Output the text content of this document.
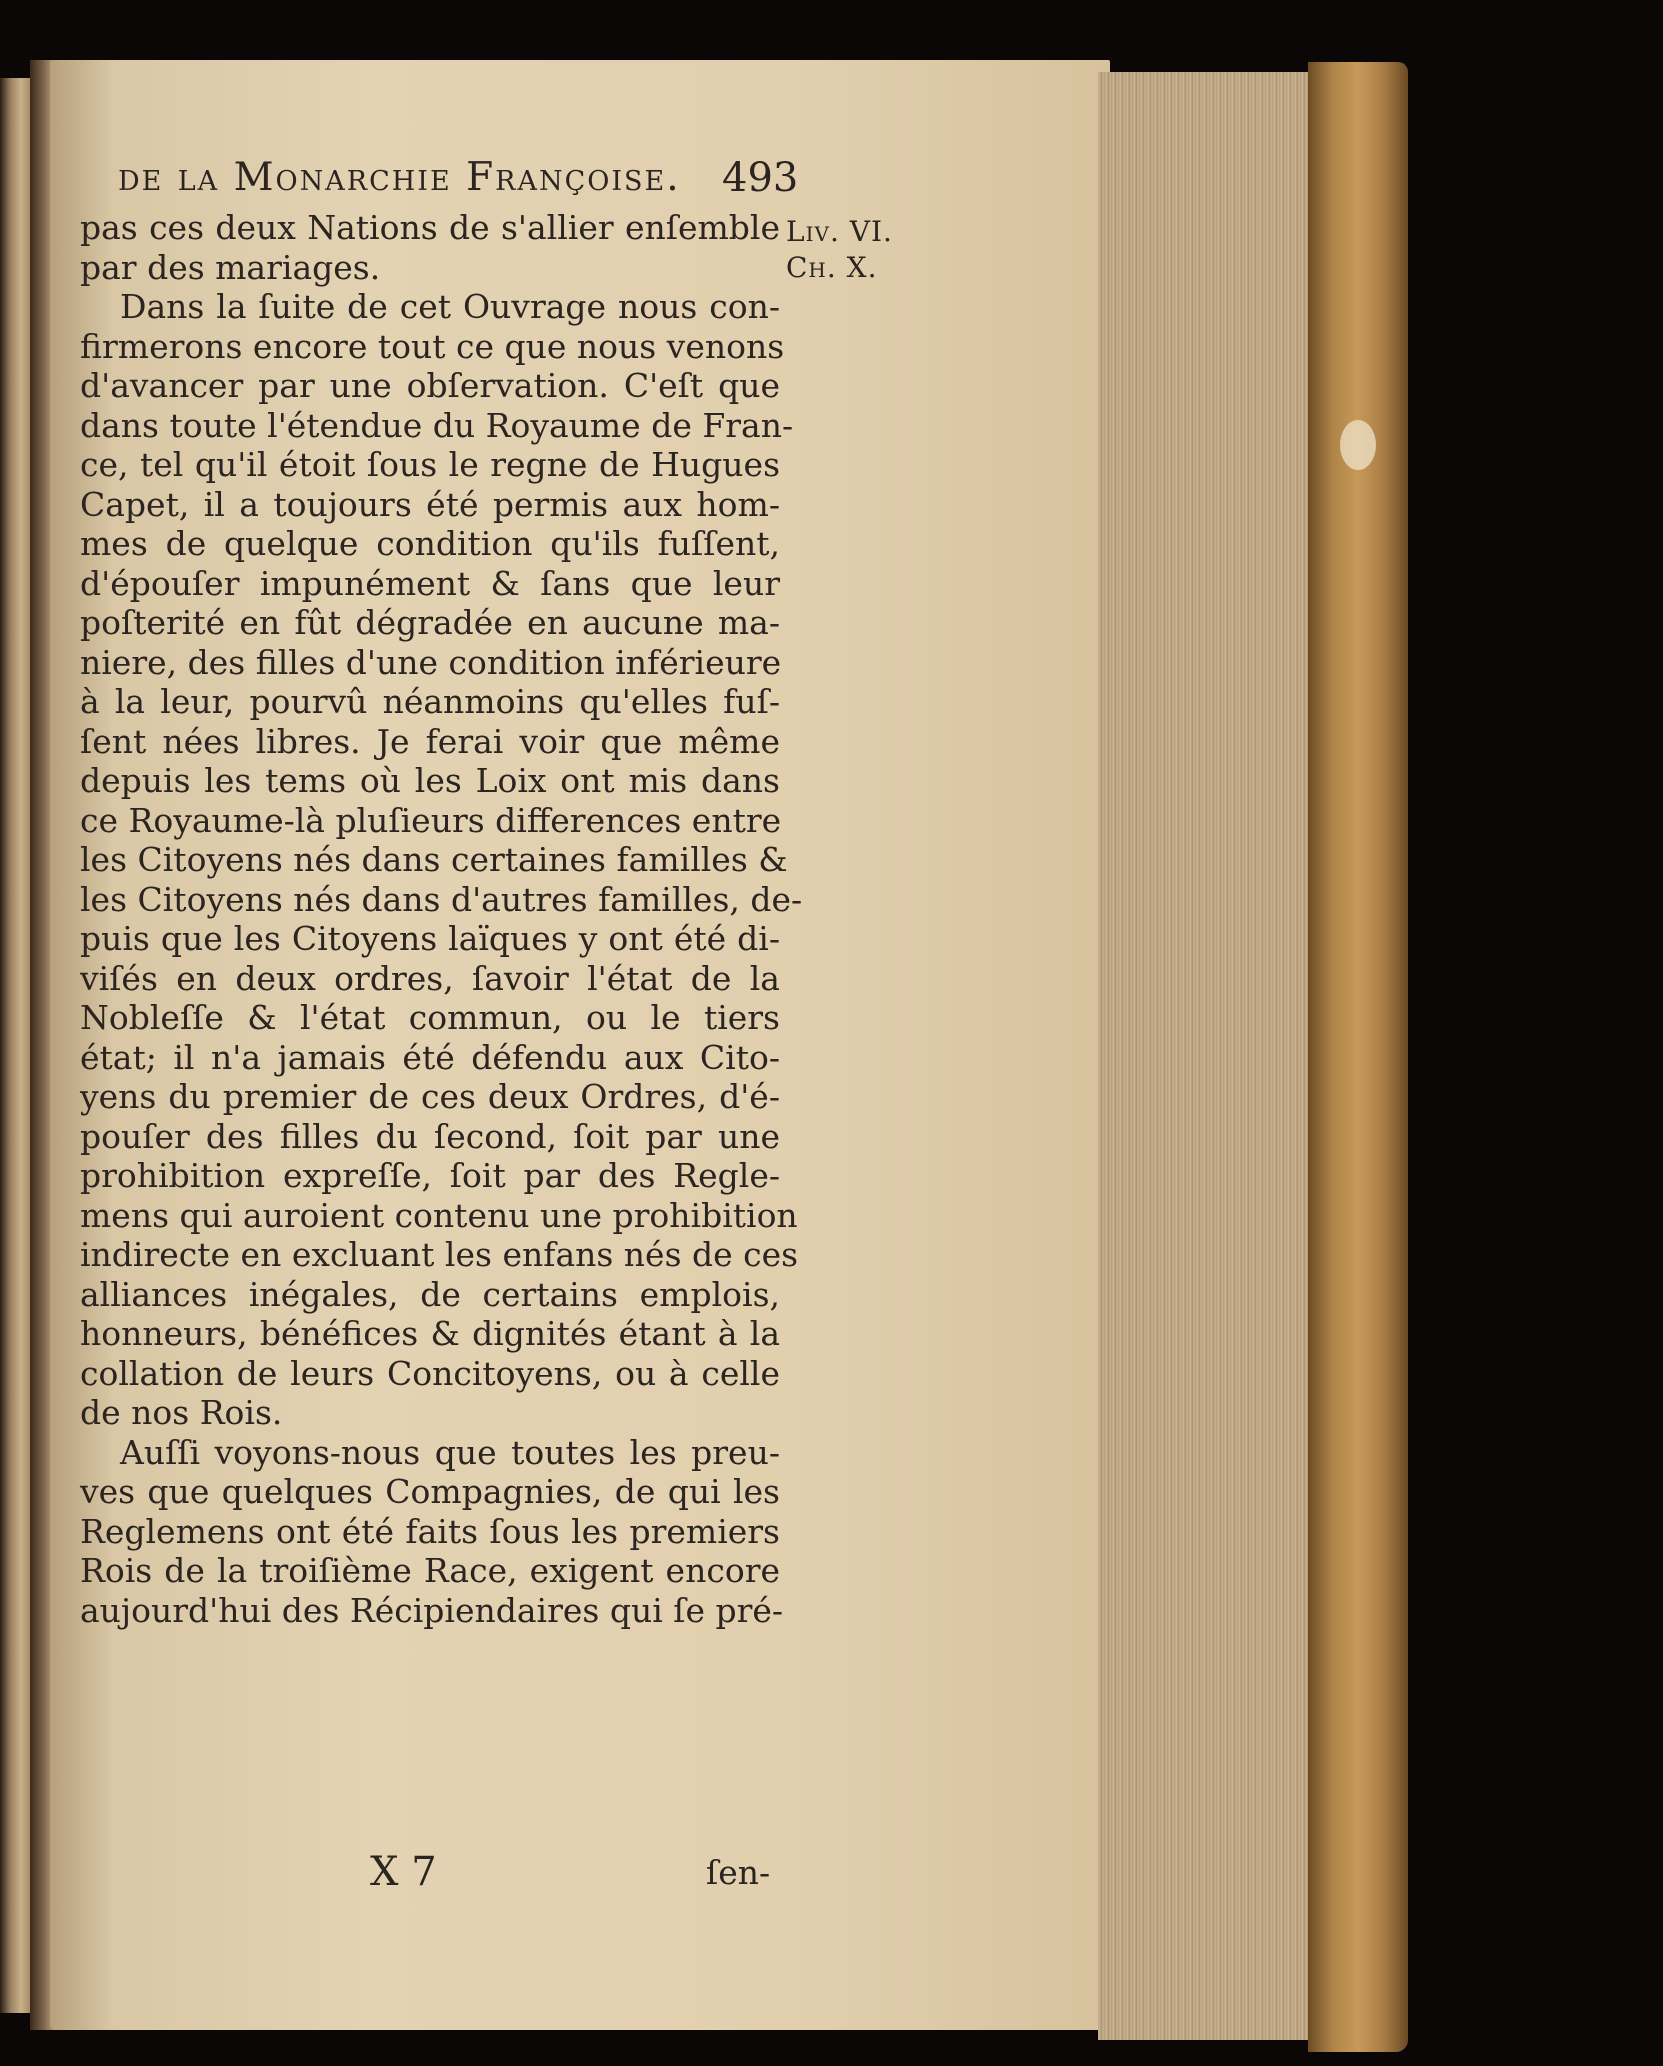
de la Monarchie Françoise. 493
Liv. VI.
Ch. X.
pas ces deux Nations de s'allier enſemble
par des mariages.
Dans la ſuite de cet Ouvrage nous con-
firmerons encore tout ce que nous venons
d'avancer par une obſervation. C'eſt que
dans toute l'étendue du Royaume de Fran-
ce, tel qu'il étoit ſous le regne de Hugues
Capet, il a toujours été permis aux hom-
mes de quelque condition qu'ils fuſſent,
d'épouſer impunément & ſans que leur
poſterité en fût dégradée en aucune ma-
niere, des filles d'une condition inférieure
à la leur, pourvû néanmoins qu'elles fuſ-
ſent nées libres. Je ferai voir que même
depuis les tems où les Loix ont mis dans
ce Royaume-là pluſieurs differences entre
les Citoyens nés dans certaines familles &
les Citoyens nés dans d'autres familles, de-
puis que les Citoyens laïques y ont été di-
viſés en deux ordres, ſavoir l'état de la
Nobleſſe & l'état commun, ou le tiers
état; il n'a jamais été défendu aux Cito-
yens du premier de ces deux Ordres, d'é-
pouſer des filles du ſecond, ſoit par une
prohibition expreſſe, ſoit par des Regle-
mens qui auroient contenu une prohibition
indirecte en excluant les enfans nés de ces
alliances inégales, de certains emplois,
honneurs, bénéfices & dignités étant à la
collation de leurs Concitoyens, ou à celle
de nos Rois.
Auſſi voyons-nous que toutes les preu-
ves que quelques Compagnies, de qui les
Reglemens ont été faits ſous les premiers
Rois de la troiſième Race, exigent encore
aujourd'hui des Récipiendaires qui ſe pré-
X 7	ſen-
